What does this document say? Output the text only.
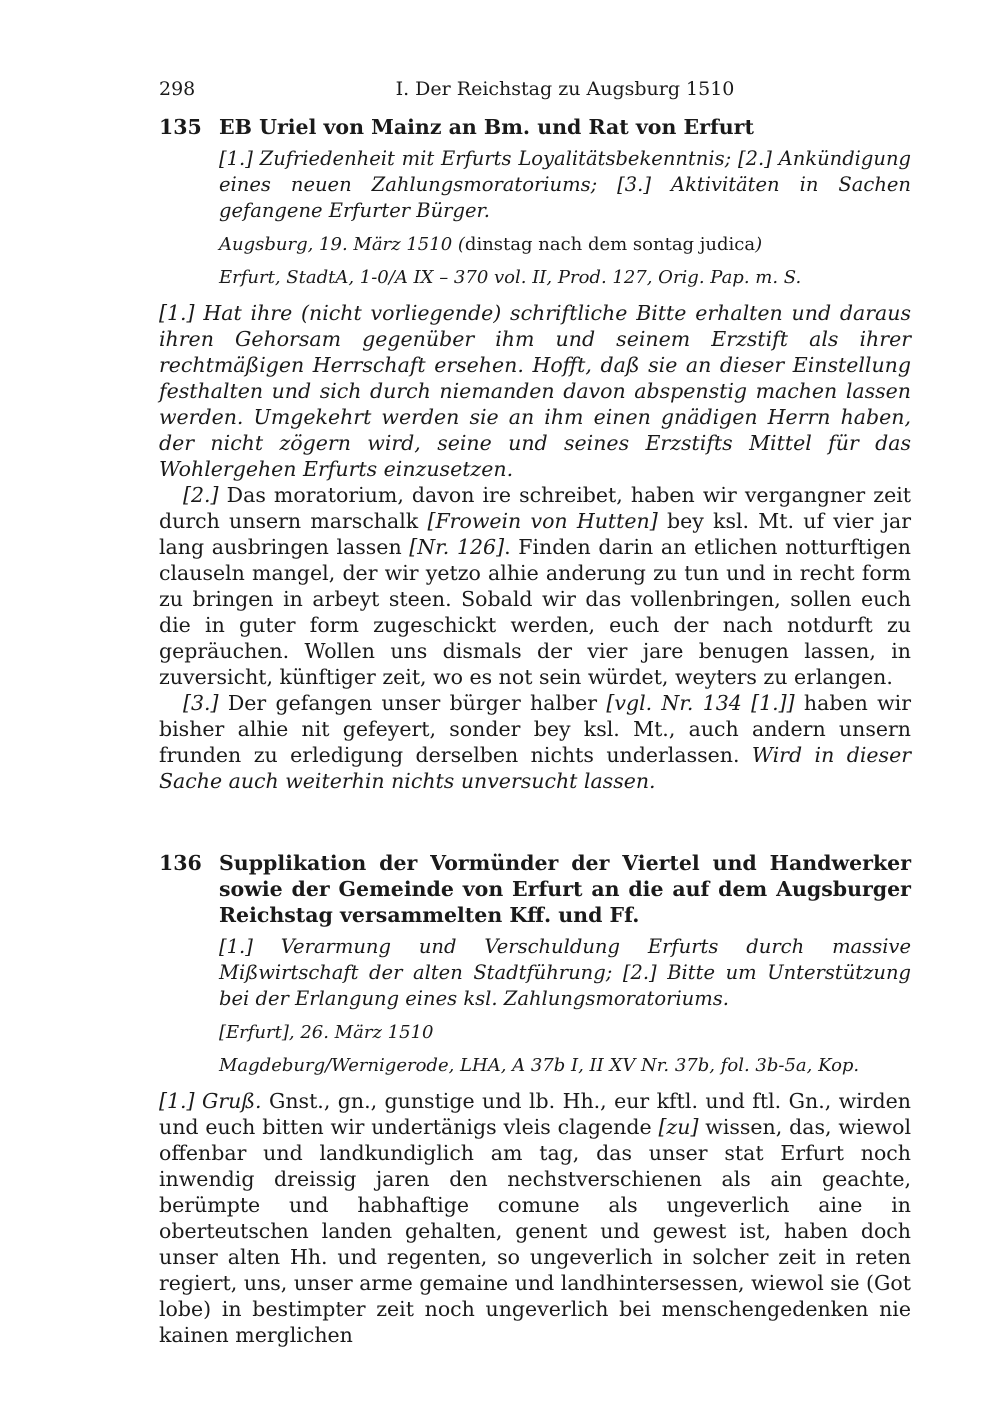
298	I. Der Reichstag zu Augsburg 1510
135 EB Uriel von Mainz an Bm. und Rat von Erfurt
[1.] Zufriedenheit mit Erfurts Loyalitätsbekenntnis; [2.] Ankündigung eines neuen Zahlungsmoratoriums; [3.] Aktivitäten in Sachen gefangene Erfurter Bürger.
Augsburg, 19. März 1510 (dinstag nach dem sontag judica)
Erfurt, StadtA, 1-0/A IX – 370 vol. II, Prod. 127, Orig. Pap. m. S.

[1.] Hat ihre (nicht vorliegende) schriftliche Bitte erhalten und daraus ihren Gehorsam gegenüber ihm und seinem Erzstift als ihrer rechtmäßigen Herrschaft ersehen. Hofft, daß sie an dieser Einstellung festhalten und sich durch niemanden davon abspenstig machen lassen werden. Umgekehrt werden sie an ihm einen gnädigen Herrn haben, der nicht zögern wird, seine und seines Erzstifts Mittel für das Wohlergehen Erfurts einzusetzen.

[2.] Das moratorium, davon ire schreibet, haben wir vergangner zeit durch unsern marschalk [Frowein von Hutten] bey ksl. Mt. uf vier jar lang ausbringen lassen [Nr. 126]. Finden darin an etlichen notturftigen clauseln mangel, der wir yetzo alhie anderung zu tun und in recht form zu bringen in arbeyt steen. Sobald wir das vollenbringen, sollen euch die in guter form zugeschickt werden, euch der nach notdurft zu gepräuchen. Wollen uns dismals der vier jare benugen lassen, in zuversicht, künftiger zeit, wo es not sein würdet, weyters zu erlangen.

[3.] Der gefangen unser bürger halber [vgl. Nr. 134 [1.]] haben wir bisher alhie nit gefeyert, sonder bey ksl. Mt., auch andern unsern frunden zu erledigung derselben nichts underlassen. Wird in dieser Sache auch weiterhin nichts unversucht lassen.

136 Supplikation der Vormünder der Viertel und Handwerker sowie der Gemeinde von Erfurt an die auf dem Augsburger Reichstag versammelten Kff. und Ff.
[1.] Verarmung und Verschuldung Erfurts durch massive Mißwirtschaft der alten Stadtführung; [2.] Bitte um Unterstützung bei der Erlangung eines ksl. Zahlungsmoratoriums.
[Erfurt], 26. März 1510
Magdeburg/Wernigerode, LHA, A 37b I, II XV Nr. 37b, fol. 3b-5a, Kop.

[1.] Gruß. Gnst., gn., gunstige und lb. Hh., eur kftl. und ftl. Gn., wirden und euch bitten wir undertänigs vleis clagende [zu] wissen, das, wiewol offenbar und landkundiglich am tag, das unser stat Erfurt noch inwendig dreissig jaren den nechstverschienen als ain geachte, berümpte und habhaftige comune als ungeverlich aine in oberteutschen landen gehalten, genent und gewest ist, haben doch unser alten Hh. und regenten, so ungeverlich in solcher zeit in reten regiert, uns, unser arme gemaine und landhintersessen, wiewol sie (Got lobe) in bestimpter zeit noch ungeverlich bei menschengedenken nie kainen merglichen
